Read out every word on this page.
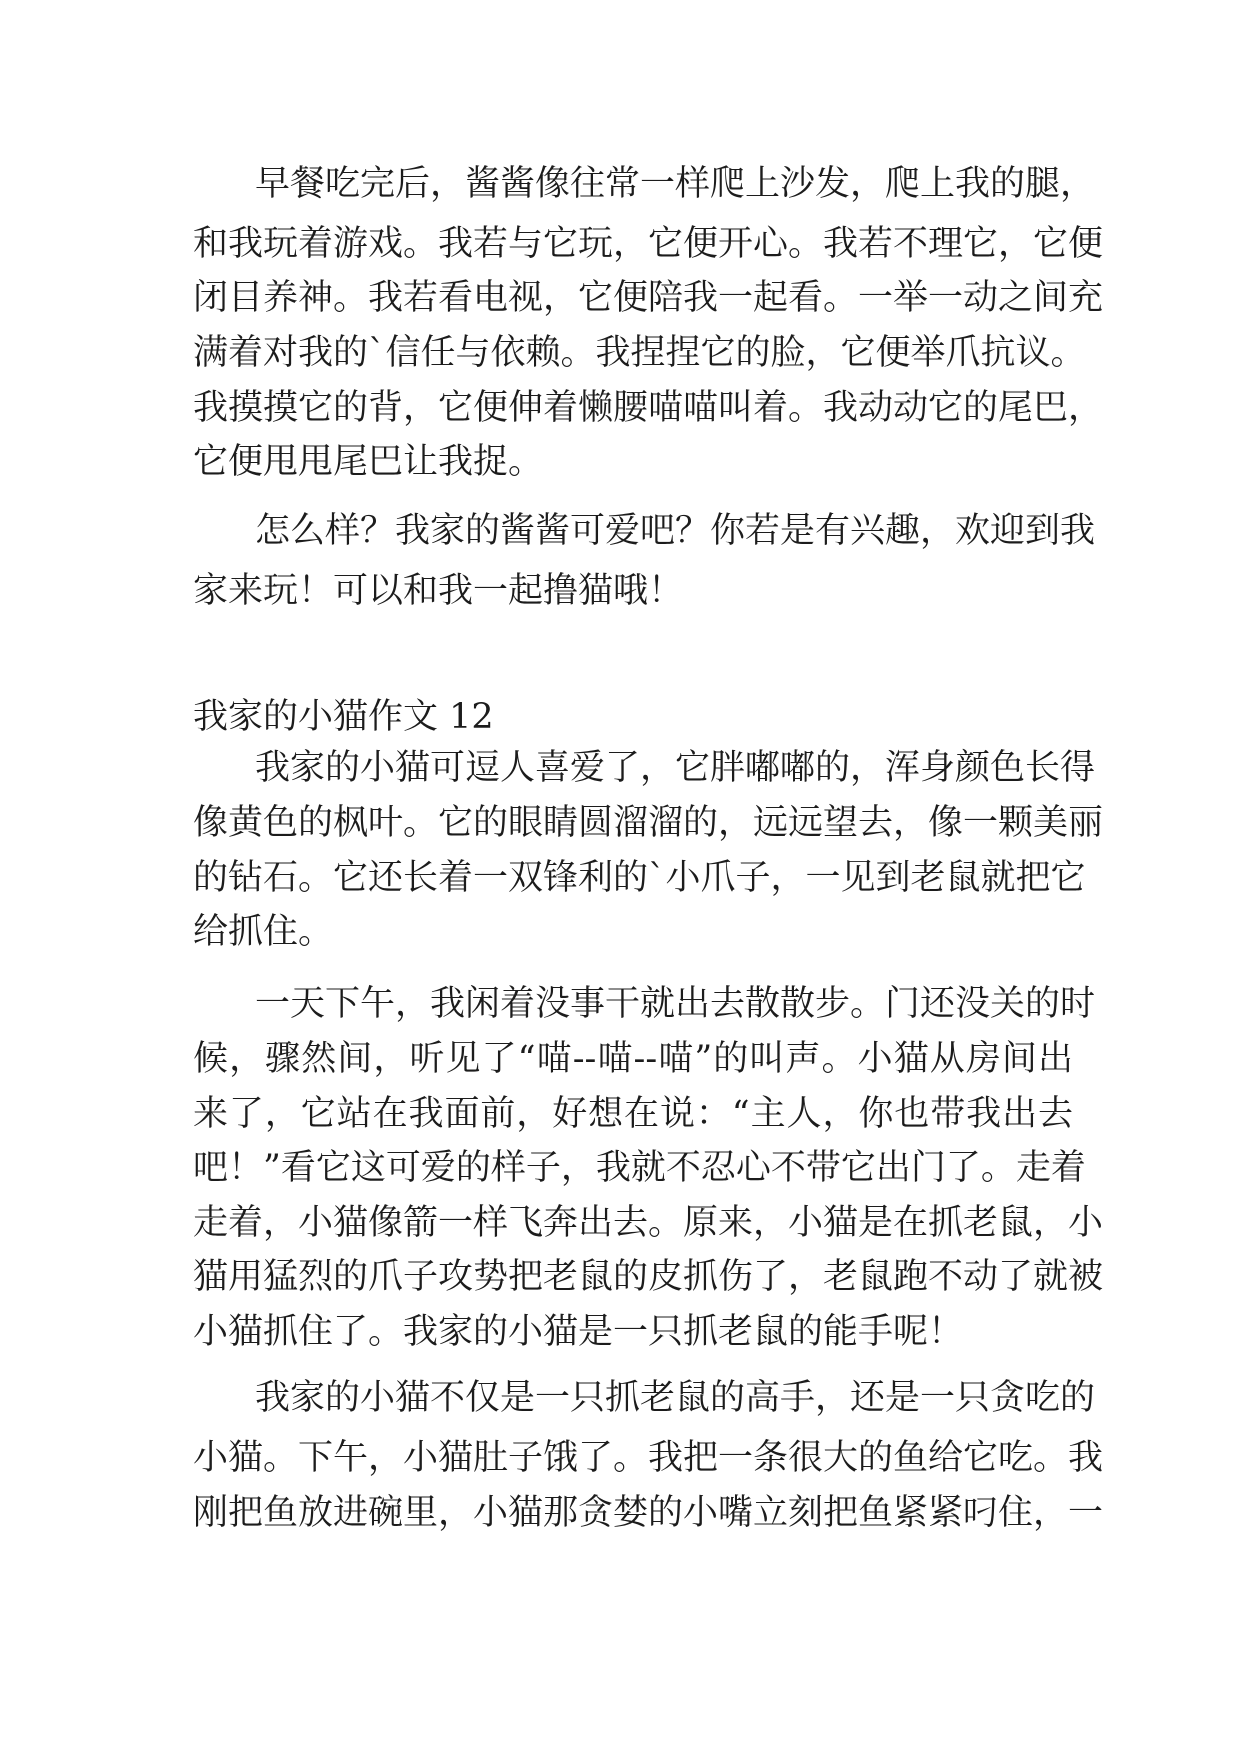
早餐吃完后，酱酱像往常一样爬上沙发，爬上我的腿，
和我玩着游戏。我若与它玩，它便开心。我若不理它，它便
闭目养神。我若看电视，它便陪我一起看。一举一动之间充
满着对我的`信任与依赖。我捏捏它的脸，它便举爪抗议。
我摸摸它的背，它便伸着懒腰喵喵叫着。我动动它的尾巴，
它便甩甩尾巴让我捉。
怎么样？我家的酱酱可爱吧？你若是有兴趣，欢迎到我
家来玩！可以和我一起撸猫哦！
我家的小猫作文 12
我家的小猫可逗人喜爱了，它胖嘟嘟的，浑身颜色长得
像黄色的枫叶。它的眼睛圆溜溜的，远远望去，像一颗美丽
的钻石。它还长着一双锋利的`小爪子，一见到老鼠就把它
给抓住。
一天下午，我闲着没事干就出去散散步。门还没关的时
候，骤然间，听见了“喵--喵--喵”的叫声。小猫从房间出
来了，它站在我面前，好想在说：“主人，你也带我出去
吧！”看它这可爱的样子，我就不忍心不带它出门了。走着
走着，小猫像箭一样飞奔出去。原来，小猫是在抓老鼠，小
猫用猛烈的爪子攻势把老鼠的皮抓伤了，老鼠跑不动了就被
小猫抓住了。我家的小猫是一只抓老鼠的能手呢！
我家的小猫不仅是一只抓老鼠的高手，还是一只贪吃的
小猫。下午，小猫肚子饿了。我把一条很大的鱼给它吃。我
刚把鱼放进碗里，小猫那贪婪的小嘴立刻把鱼紧紧叼住，一
